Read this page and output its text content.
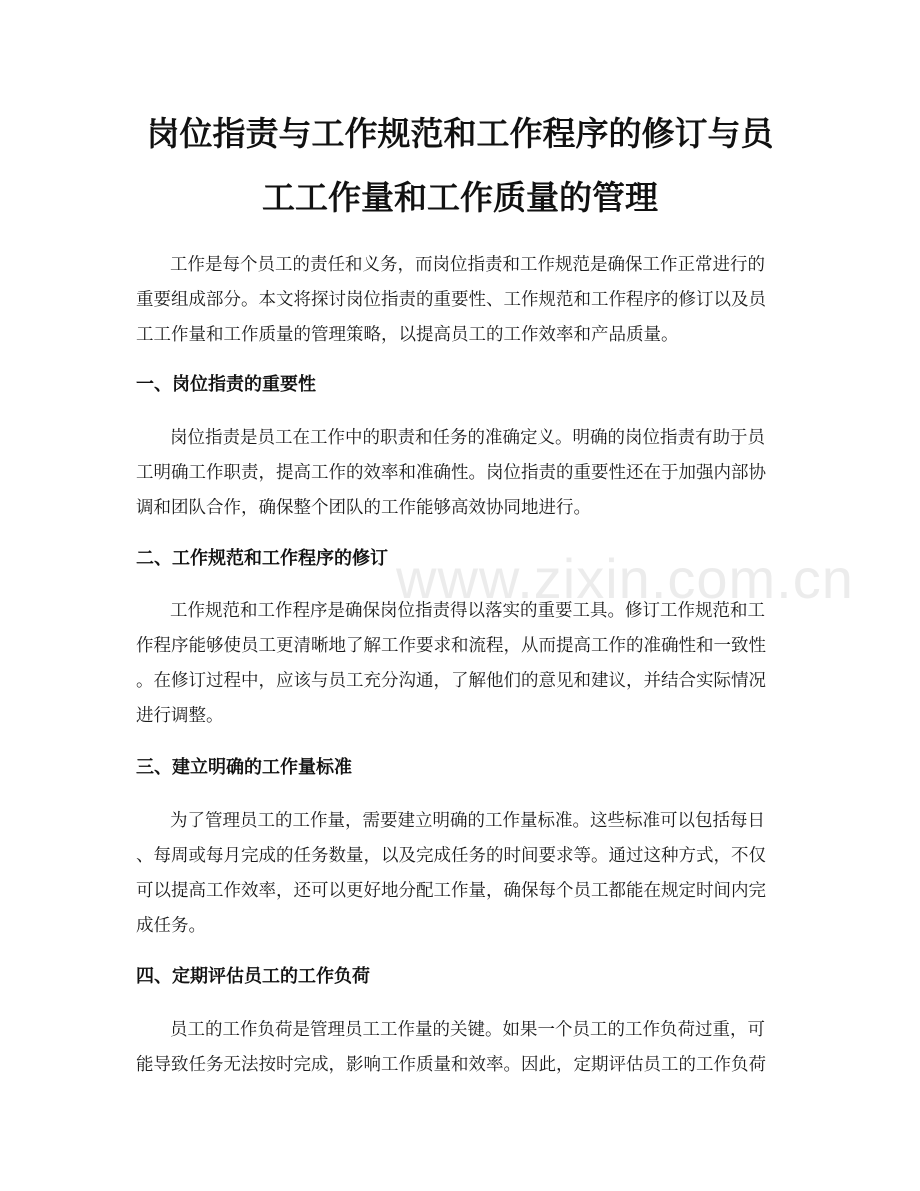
岗位指责与工作规范和工作程序的修订与员
工工作量和工作质量的管理
工作是每个员工的责任和义务，而岗位指责和工作规范是确保工作正常进行的
重要组成部分。本文将探讨岗位指责的重要性、工作规范和工作程序的修订以及员
工工作量和工作质量的管理策略，以提高员工的工作效率和产品质量。
一、岗位指责的重要性
岗位指责是员工在工作中的职责和任务的准确定义。明确的岗位指责有助于员
工明确工作职责，提高工作的效率和准确性。岗位指责的重要性还在于加强内部协
调和团队合作，确保整个团队的工作能够高效协同地进行。
二、工作规范和工作程序的修订
工作规范和工作程序是确保岗位指责得以落实的重要工具。修订工作规范和工
作程序能够使员工更清晰地了解工作要求和流程，从而提高工作的准确性和一致性
。在修订过程中，应该与员工充分沟通，了解他们的意见和建议，并结合实际情况
进行调整。
三、建立明确的工作量标准
为了管理员工的工作量，需要建立明确的工作量标准。这些标准可以包括每日
、每周或每月完成的任务数量，以及完成任务的时间要求等。通过这种方式，不仅
可以提高工作效率，还可以更好地分配工作量，确保每个员工都能在规定时间内完
成任务。
四、定期评估员工的工作负荷
员工的工作负荷是管理员工工作量的关键。如果一个员工的工作负荷过重，可
能导致任务无法按时完成，影响工作质量和效率。因此，定期评估员工的工作负荷
www.zixin.com.cn
